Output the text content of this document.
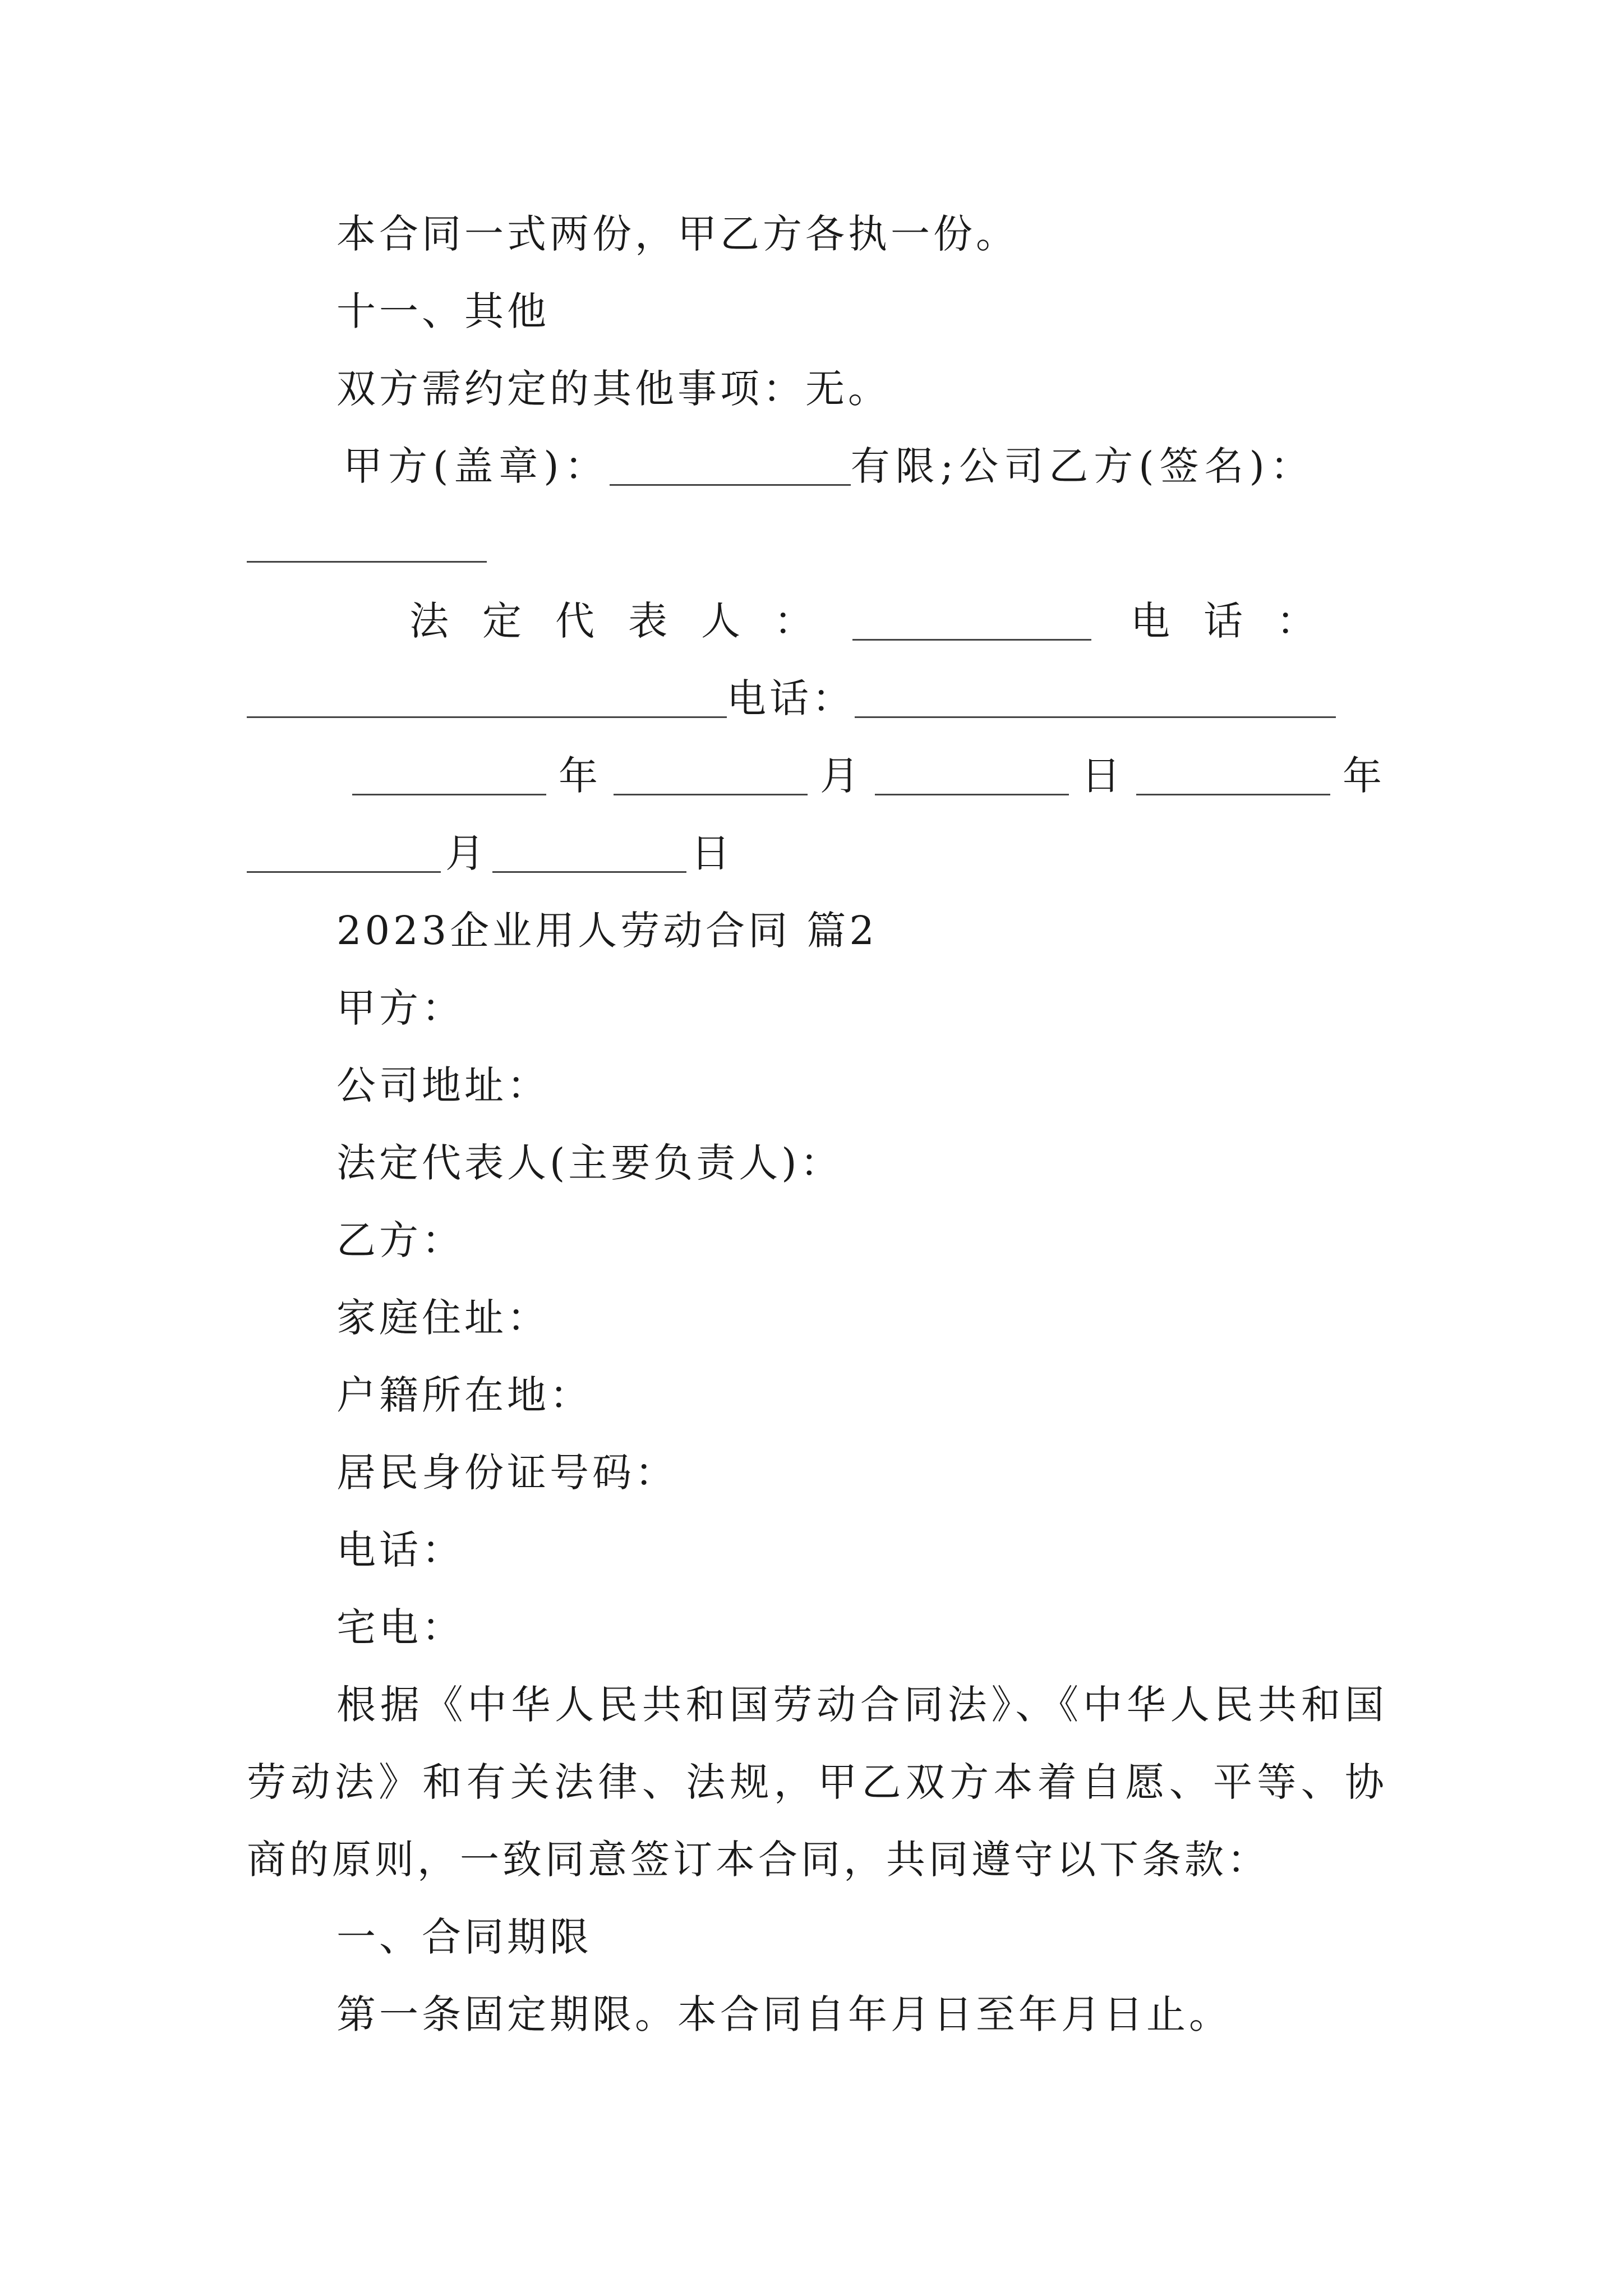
本合同一式两份，甲乙方各执一份。
十一、其他
双方需约定的其他事项：无。
甲方(盖章)：	有限;公司乙方(签名)：
法定代表人：	电话：
电话：
年	月	日	年
月	日
2023企业用人劳动合同 篇2
甲方：
公司地址：
法定代表人(主要负责人)：
乙方：
家庭住址：
户籍所在地：
居民身份证号码：
电话：
宅电：
根据《中华人民共和国劳动合同法》、《中华人民共和国
劳动法》和有关法律、法规，甲乙双方本着自愿、平等、协
商的原则，一致同意签订本合同，共同遵守以下条款：
一、合同期限
第一条固定期限。本合同自年月日至年月日止。
